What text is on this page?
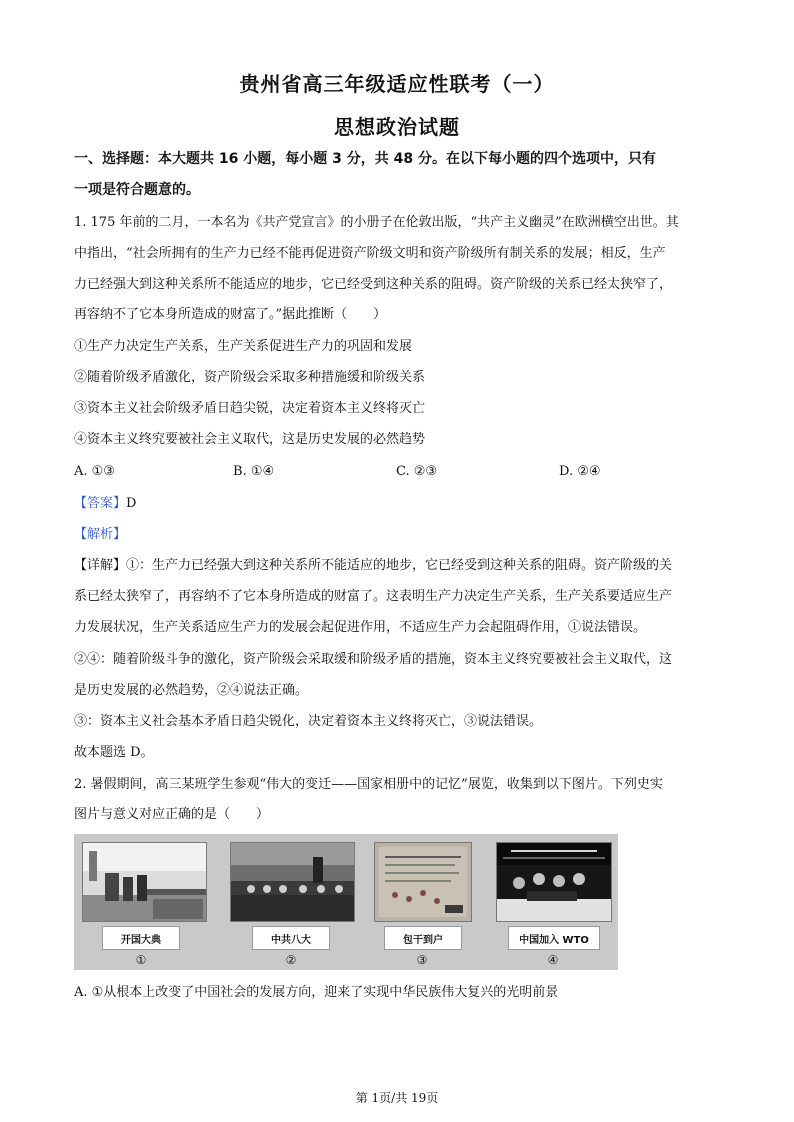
贵州省高三年级适应性联考（一）
思想政治试题
一、选择题：本大题共 16 小题，每小题 3 分，共 48 分。在以下每小题的四个选项中，只有
一项是符合题意的。
1. 175 年前的二月，一本名为《共产党宣言》的小册子在伦敦出版，“共产主义幽灵”在欧洲横空出世。其
中指出，“社会所拥有的生产力已经不能再促进资产阶级文明和资产阶级所有制关系的发展；相反，生产
力已经强大到这种关系所不能适应的地步，它已经受到这种关系的阻碍。资产阶级的关系已经太狭窄了，
再容纳不了它本身所造成的财富了。”据此推断（　　）
①生产力决定生产关系，生产关系促进生产力的巩固和发展
②随着阶级矛盾激化，资产阶级会采取多种措施缓和阶级关系
③资本主义社会阶级矛盾日趋尖锐，决定着资本主义终将灭亡
④资本主义终究要被社会主义取代，这是历史发展的必然趋势
A. ①③	B. ①④	C. ②③	D. ②④
【答案】D
【解析】
【详解】①：生产力已经强大到这种关系所不能适应的地步，它已经受到这种关系的阻碍。资产阶级的关
系已经太狭窄了，再容纳不了它本身所造成的财富了。这表明生产力决定生产关系，生产关系要适应生产
力发展状况，生产关系适应生产力的发展会起促进作用，不适应生产力会起阻碍作用，①说法错误。
②④：随着阶级斗争的激化，资产阶级会采取缓和阶级矛盾的措施，资本主义终究要被社会主义取代，这
是历史发展的必然趋势，②④说法正确。
③：资本主义社会基本矛盾日趋尖锐化，决定着资本主义终将灭亡，③说法错误。
故本题选 D。
2. 暑假期间，高三某班学生参观“伟大的变迁——国家相册中的记忆”展览，收集到以下图片。下列史实
图片与意义对应正确的是（　　）
开国大典	中共八大	包干到户	中国加入 WTO
①	②	③	④
A. ①从根本上改变了中国社会的发展方向，迎来了实现中华民族伟大复兴的光明前景
第 1页/共 19页
